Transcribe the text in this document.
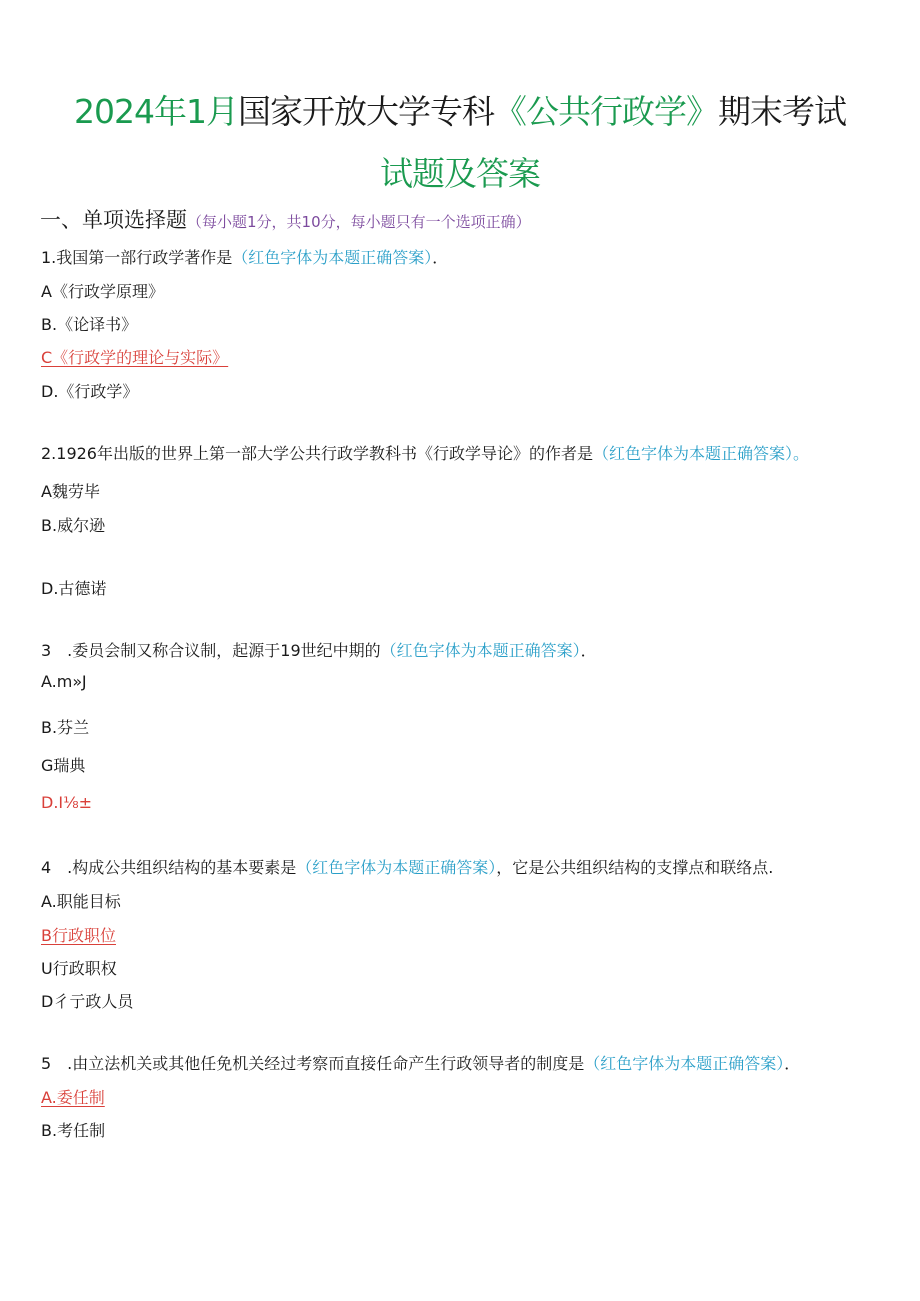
2024年1月国家开放大学专科《公共行政学》期末考试
试题及答案
一、单项选择题（每小题1分，共10分，每小题只有一个选项正确）
1.我国第一部行政学著作是（红色字体为本题正确答案）．
A《行政学原理》
B.《论译书》
C《行政学的理论与实际》
D.《行政学》
2.1926年出版的世界上第一部大学公共行政学教科书《行政学导论》的作者是（红色字体为本题正确答案）。
A魏劳毕
B.威尔逊
D.古德诺
3　.委员会制又称合议制，起源于19世纪中期的（红色字体为本题正确答案）．
A.m»J
B.芬兰
G瑞典
D.I⅛±
4　.构成公共组织结构的基本要素是（红色字体为本题正确答案），它是公共组织结构的支撑点和联络点.
A.职能目标
B行政职位
U行政职权
D彳亍政人员
5　.由立法机关或其他任免机关经过考察而直接任命产生行政领导者的制度是（红色字体为本题正确答案）．
A.委任制
B.考任制
